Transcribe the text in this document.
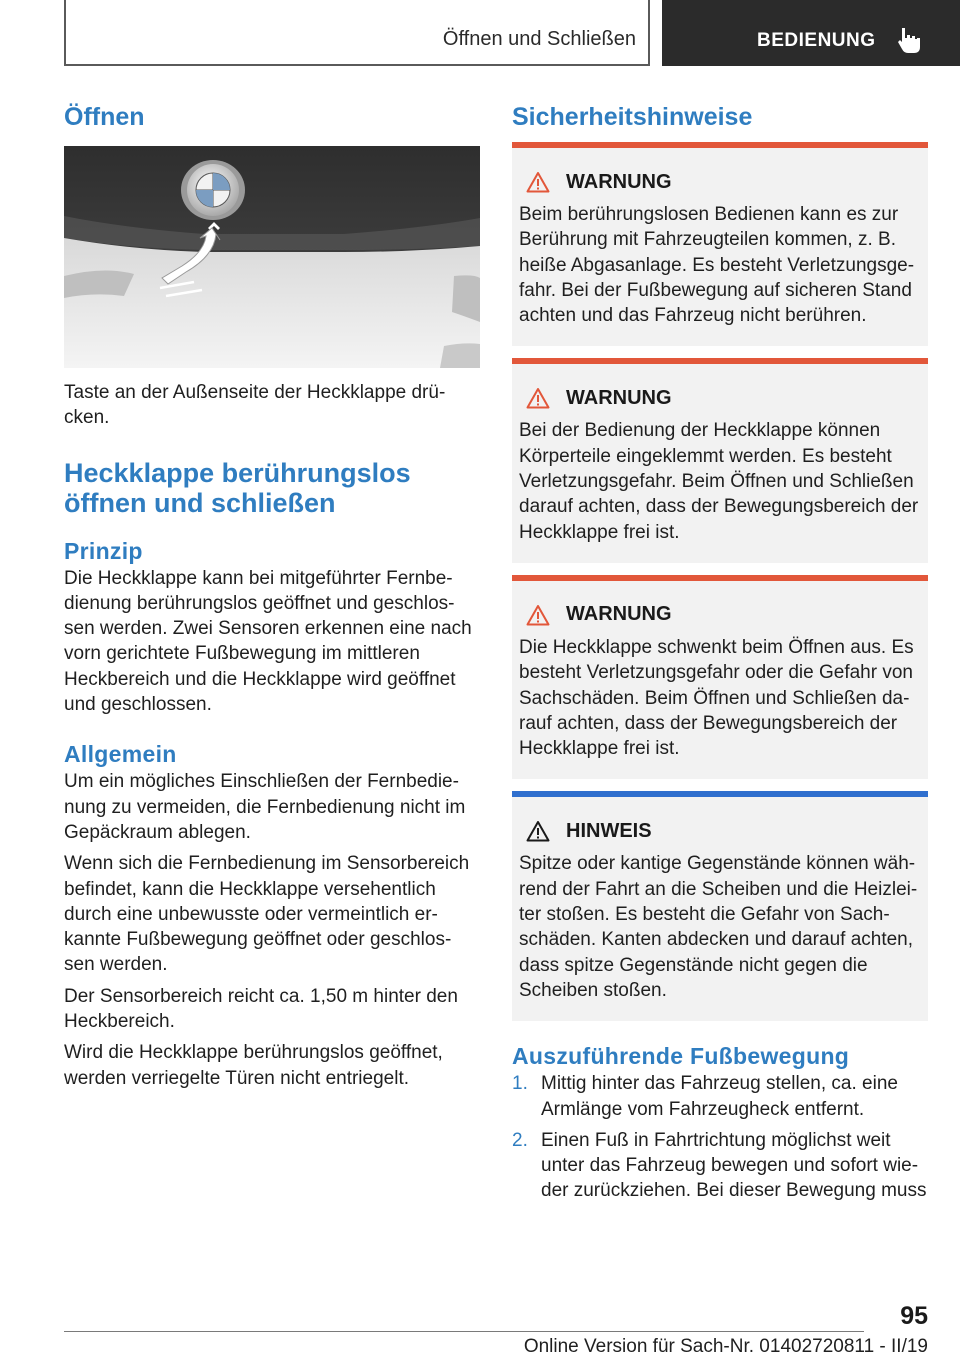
Öffnen und Schließen	BEDIENUNG
Öffnen

Taste an der Außenseite der Heckklappe drü-cken.

Heckklappe berührungslos
öffnen und schließen
Prinzip

Die Heckklappe kann bei mitgeführter Fernbe-dienung berührungslos geöffnet und geschlos-sen werden. Zwei Sensoren erkennen eine nach vorn gerichtete Fußbewegung im mittleren Heckbereich und die Heckklappe wird geöffnet und geschlossen.

Allgemein

Um ein mögliches Einschließen der Fernbedie-nung zu vermeiden, die Fernbedienung nicht im Gepäckraum ablegen.

Wenn sich die Fernbedienung im Sensorbereich befindet, kann die Heckklappe versehentlich durch eine unbewusste oder vermeintlich er-kannte Fußbewegung geöffnet oder geschlos-sen werden.

Der Sensorbereich reicht ca. 1,50 m hinter den Heckbereich.

Wird die Heckklappe berührungslos geöffnet, werden verriegelte Türen nicht entriegelt.

Sicherheitshinweise
WARNUNG

Beim berührungslosen Bedienen kann es zur Berührung mit Fahrzeugteilen kommen, z. B. heiße Abgasanlage. Es besteht Verletzungsge-fahr. Bei der Fußbewegung auf sicheren Stand achten und das Fahrzeug nicht berühren.

WARNUNG

Bei der Bedienung der Heckklappe können Körperteile eingeklemmt werden. Es besteht Verletzungsgefahr. Beim Öffnen und Schließen darauf achten, dass der Bewegungsbereich der Heckklappe frei ist.

WARNUNG

Die Heckklappe schwenkt beim Öffnen aus. Es besteht Verletzungsgefahr oder die Gefahr von Sachschäden. Beim Öffnen und Schließen da-rauf achten, dass der Bewegungsbereich der Heckklappe frei ist.

HINWEIS

Spitze oder kantige Gegenstände können wäh-rend der Fahrt an die Scheiben und die Heizlei-ter stoßen. Es besteht die Gefahr von Sach-schäden. Kanten abdecken und darauf achten, dass spitze Gegenstände nicht gegen die Scheiben stoßen.

Auszuführende Fußbewegung
1. Mittig hinter das Fahrzeug stellen, ca. eine Armlänge vom Fahrzeugheck entfernt.
2. Einen Fuß in Fahrtrichtung möglichst weit unter das Fahrzeug bewegen und sofort wie-der zurückziehen. Bei dieser Bewegung muss
95
Online Version für Sach-Nr. 01402720811 - II/19
